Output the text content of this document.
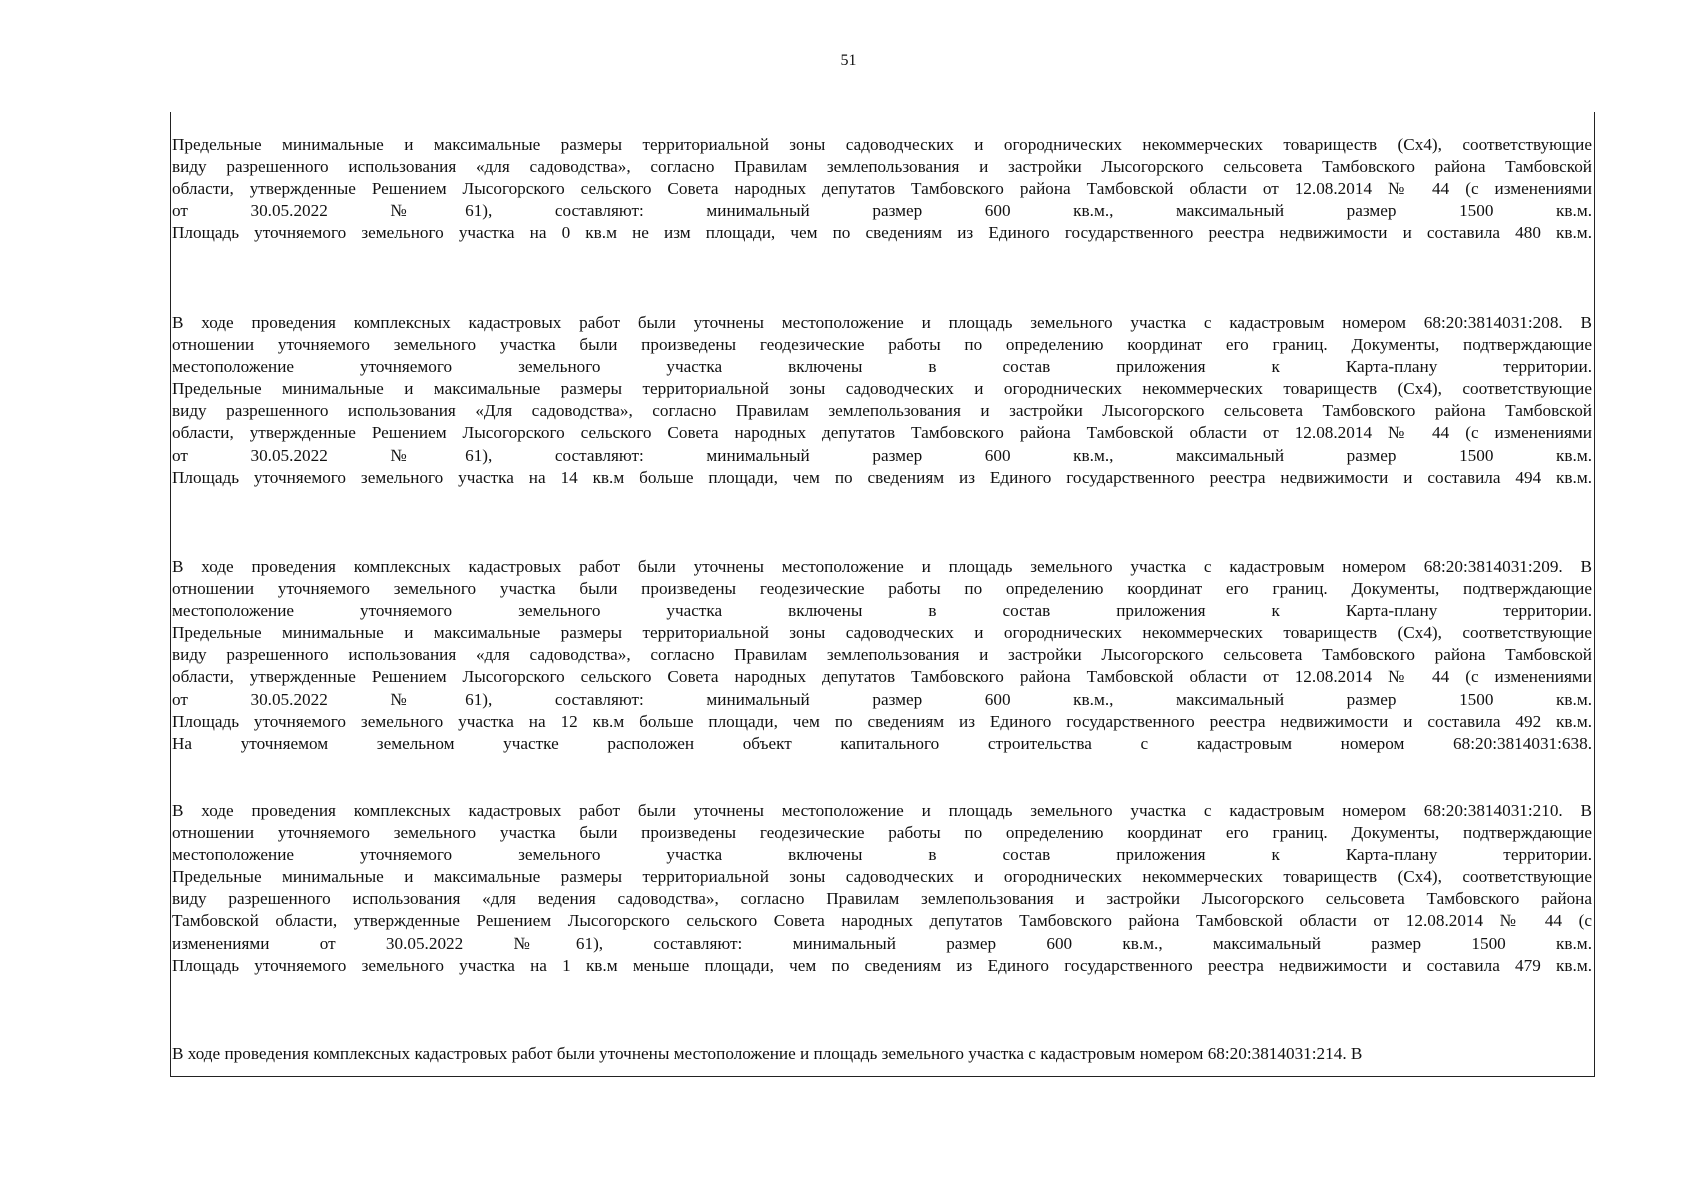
51
Предельные минимальные и максимальные размеры территориальной зоны садоводческих и огороднических некоммерческих товариществ (Сх4), соответствующие
виду разрешенного использования «для садоводства», согласно Правилам землепользования и застройки Лысогорского сельсовета Тамбовского района Тамбовской
области, утвержденные Решением Лысогорского сельского Совета народных депутатов Тамбовского района Тамбовской области от 12.08.2014 № 44 (с изменениями
от 30.05.2022 №61), составляют: минимальный размер 600 кв.м., максимальный размер 1500 кв.м.
Площадь уточняемого земельного участка на 0 кв.м не изм площади, чем по сведениям из Единого государственного реестра недвижимости и составила 480 кв.м.
В ходе проведения комплексных кадастровых работ были уточнены местоположение и площадь земельного участка с кадастровым номером 68:20:3814031:208. В
отношении уточняемого земельного участка были произведены геодезические работы по определению координат его границ. Документы, подтверждающие
местоположение уточняемого земельного участка включены в состав приложения к Карта-плану территории.
Предельные минимальные и максимальные размеры территориальной зоны садоводческих и огороднических некоммерческих товариществ (Сх4), соответствующие
виду разрешенного использования «Для садоводства», согласно Правилам землепользования и застройки Лысогорского сельсовета Тамбовского района Тамбовской
области, утвержденные Решением Лысогорского сельского Совета народных депутатов Тамбовского района Тамбовской области от 12.08.2014 № 44 (с изменениями
от 30.05.2022 №61), составляют: минимальный размер 600 кв.м., максимальный размер 1500 кв.м.
Площадь уточняемого земельного участка на 14 кв.м больше площади, чем по сведениям из Единого государственного реестра недвижимости и составила 494 кв.м.
В ходе проведения комплексных кадастровых работ были уточнены местоположение и площадь земельного участка с кадастровым номером 68:20:3814031:209. В
отношении уточняемого земельного участка были произведены геодезические работы по определению координат его границ. Документы, подтверждающие
местоположение уточняемого земельного участка включены в состав приложения к Карта-плану территории.
Предельные минимальные и максимальные размеры территориальной зоны садоводческих и огороднических некоммерческих товариществ (Сх4), соответствующие
виду разрешенного использования «для садоводства», согласно Правилам землепользования и застройки Лысогорского сельсовета Тамбовского района Тамбовской
области, утвержденные Решением Лысогорского сельского Совета народных депутатов Тамбовского района Тамбовской области от 12.08.2014 № 44 (с изменениями
от 30.05.2022 №61), составляют: минимальный размер 600 кв.м., максимальный размер 1500 кв.м.
Площадь уточняемого земельного участка на 12 кв.м больше площади, чем по сведениям из Единого государственного реестра недвижимости и составила 492 кв.м.
На уточняемом земельном участке расположен объект капитального строительства с кадастровым номером 68:20:3814031:638.
В ходе проведения комплексных кадастровых работ были уточнены местоположение и площадь земельного участка с кадастровым номером 68:20:3814031:210. В
отношении уточняемого земельного участка были произведены геодезические работы по определению координат его границ. Документы, подтверждающие
местоположение уточняемого земельного участка включены в состав приложения к Карта-плану территории.
Предельные минимальные и максимальные размеры территориальной зоны садоводческих и огороднических некоммерческих товариществ (Сх4), соответствующие
виду разрешенного использования «для ведения садоводства», согласно Правилам землепользования и застройки Лысогорского сельсовета Тамбовского района
Тамбовской области, утвержденные Решением Лысогорского сельского Совета народных депутатов Тамбовского района Тамбовской области от 12.08.2014 № 44 (с
изменениями от 30.05.2022 №61), составляют: минимальный размер 600 кв.м., максимальный размер 1500 кв.м.
Площадь уточняемого земельного участка на 1 кв.м меньше площади, чем по сведениям из Единого государственного реестра недвижимости и составила 479 кв.м.
В ходе проведения комплексных кадастровых работ были уточнены местоположение и площадь земельного участка с кадастровым номером 68:20:3814031:214. В
